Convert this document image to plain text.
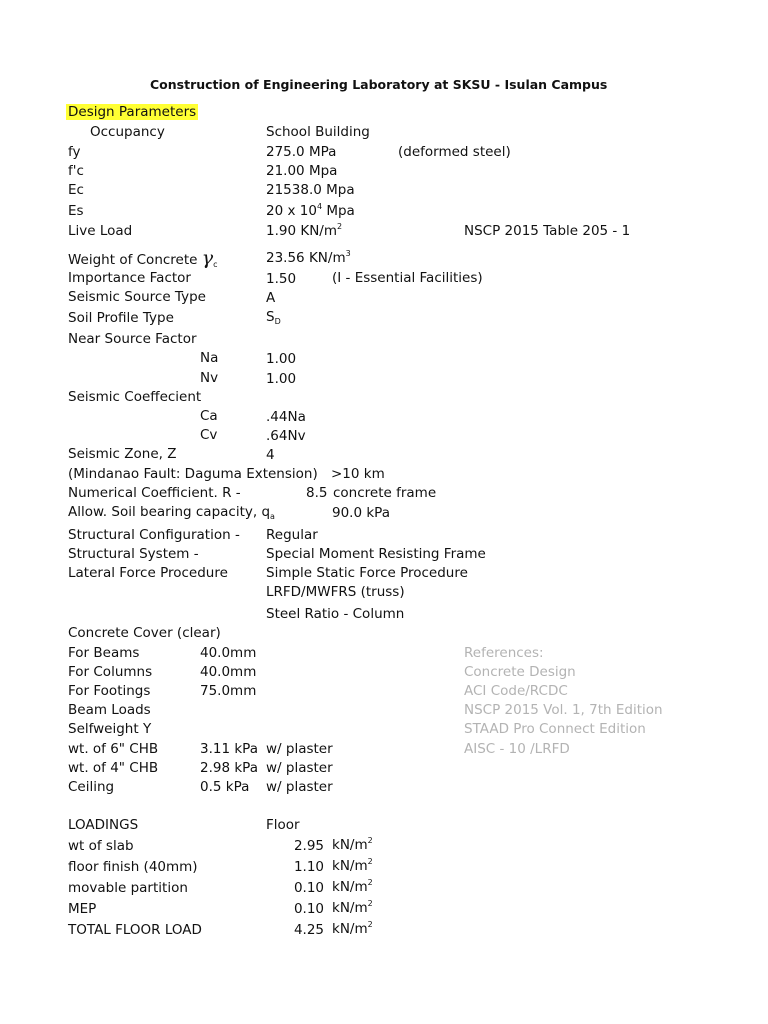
Construction of Engineering Laboratory at SKSU - Isulan Campus
Design Parameters
Occupancy	School Building
fy	275.0 MPa	(deformed steel)
f'c	21.00 Mpa
Ec	21538.0 Mpa
Es	20 x $10^4$ Mpa
Live Load	1.90 $KN/m^2$	NSCP 2015 Table 205 - 1
Weight of Concrete $\gamma_c$	23.56 $KN/m^3$
Importance Factor	1.50	(I - Essential Facilities)
Seismic Source Type	A
Soil Profile Type	$S_D$
Near Source Factor
Na	1.00
Nv	1.00
Seismic Coeffecient
Ca	.44Na
Cv	.64Nv
Seismic Zone, Z	4
(Mindanao Fault: Daguma Extension) >10 km
Numerical Coefficient. R -	8.5 concrete frame
Allow. Soil bearing capacity, $q_a$	90.0 kPa
Structural Configuration - Regular
Structural System -	Special Moment Resisting Frame
Lateral Force Procedure	Simple Static Force Procedure
LRFD/MWFRS (truss)
Steel Ratio - Column
Concrete Cover (clear)
For Beams	40.0mm
For Columns	40.0mm
For Footings	75.0mm
Beam Loads
Selfweight Y
wt. of 6" CHB	3.11 kPa w/ plaster
wt. of 4" CHB	2.98 kPa w/ plaster
Ceiling	0.5 kPa w/ plaster
References:
Concrete Design
ACI Code/RCDC
NSCP 2015 Vol. 1, 7th Edition
STAAD Pro Connect Edition
AISC - 10 /LRFD
LOADINGS	Floor
wt of slab	2.95 $kN/m^2$
floor finish (40mm)	1.10 $kN/m^2$
movable partition	0.10 $kN/m^2$
MEP	0.10 $kN/m^2$
TOTAL FLOOR LOAD	4.25 $kN/m^2$
